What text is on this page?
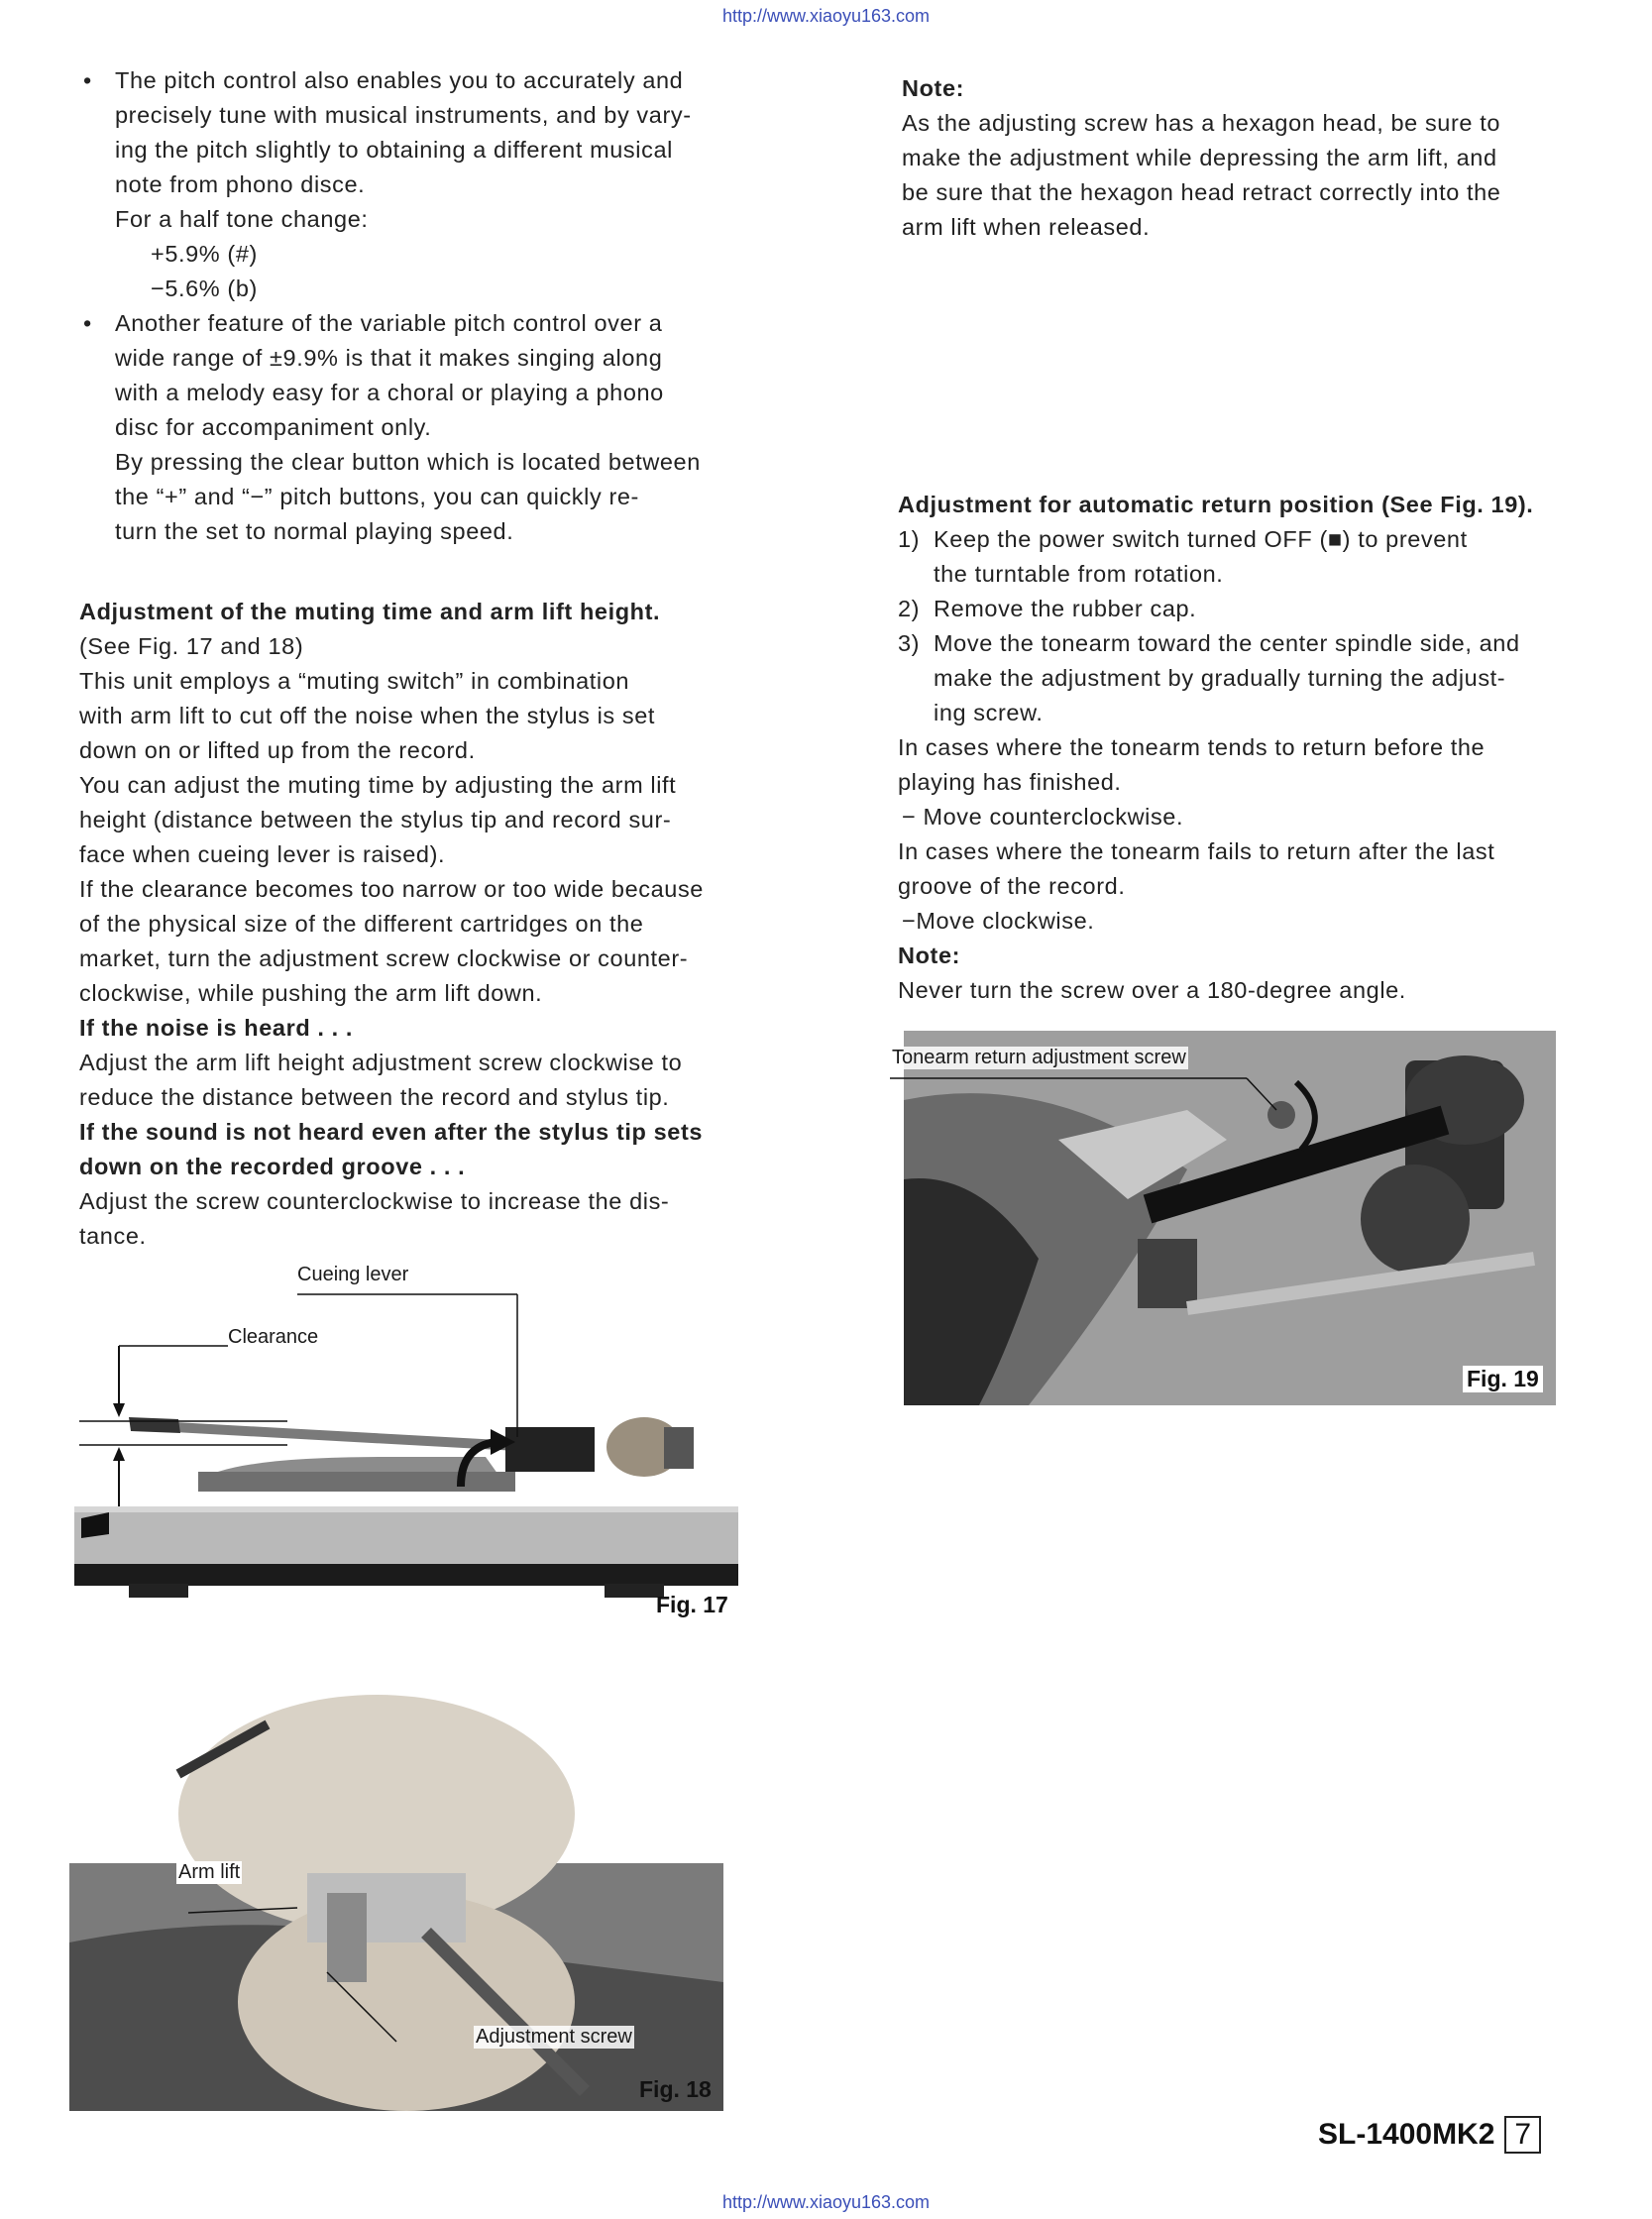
http://www.xiaoyu163.com
• The pitch control also enables you to accurately and

precisely tune with musical instruments, and by vary-

ing the pitch slightly to obtaining a different musical

note from phono disce.

For a half tone change:

+5.9% (#)

−5.6% (b)

• Another feature of the variable pitch control over a

wide range of ±9.9% is that it makes singing along

with a melody easy for a choral or playing a phono

disc for accompaniment only.

By pressing the clear button which is located between

the “+” and “−” pitch buttons, you can quickly re-

turn the set to normal playing speed.

Adjustment of the muting time and arm lift height.

(See Fig. 17 and 18)

This unit employs a “muting switch” in combination

with arm lift to cut off the noise when the stylus is set

down on or lifted up from the record.

You can adjust the muting time by adjusting the arm lift

height (distance between the stylus tip and record sur-

face when cueing lever is raised).

If the clearance becomes too narrow or too wide because

of the physical size of the different cartridges on the

market, turn the adjustment screw clockwise or counter-

clockwise, while pushing the arm lift down.

If the noise is heard . . .

Adjust the arm lift height adjustment screw clockwise to

reduce the distance between the record and stylus tip.

If the sound is not heard even after the stylus tip sets

down on the recorded groove . . .

Adjust the screw counterclockwise to increase the dis-

tance.

Note:

As the adjusting screw has a hexagon head, be sure to

make the adjustment while depressing the arm lift, and

be sure that the hexagon head retract correctly into the

arm lift when released.

Adjustment for automatic return position (See Fig. 19).

1) Keep the power switch turned OFF (■) to prevent

the turntable from rotation.

2) Remove the rubber cap.

3) Move the tonearm toward the center spindle side, and

make the adjustment by gradually turning the adjust-

ing screw.

In cases where the tonearm tends to return before the

playing has finished.

− Move counterclockwise.

In cases where the tonearm fails to return after the last

groove of the record.

−Move clockwise.

Note:

Never turn the screw over a 180-degree angle.

Cueing lever
Clearance
Fig. 17
Arm lift
Adjustment screw
Fig. 18
Tonearm return adjustment screw
Fig. 19
SL-1400MK2 7
http://www.xiaoyu163.com
